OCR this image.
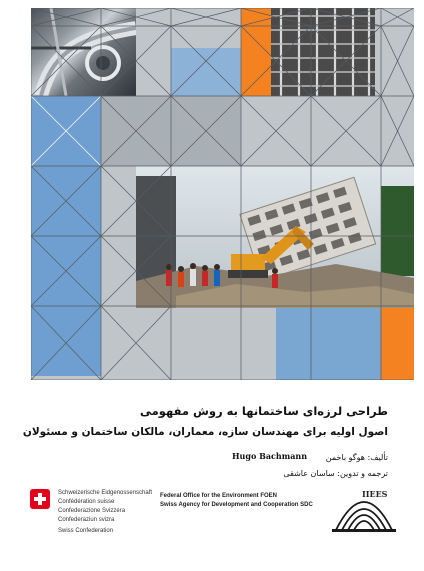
طراحی لرزه‌ای ساختمانها به روش مفهومی
اصول اولیه برای مهندسان سازه، معماران، مالکان ساختمان و مسئولان
تألیف: هوگو باخمن
Hugo Bachmann
ترجمه و تدوین: ساسان عاشقی
Schweizerische Eidgenossenschaft
Confédération suisse
Confederazione Svizzera
Confederaziun svizra
Swiss Confederation
Federal Office for the Environment FOEN
Swiss Agency for Development and Cooperation SDC
IIEES
